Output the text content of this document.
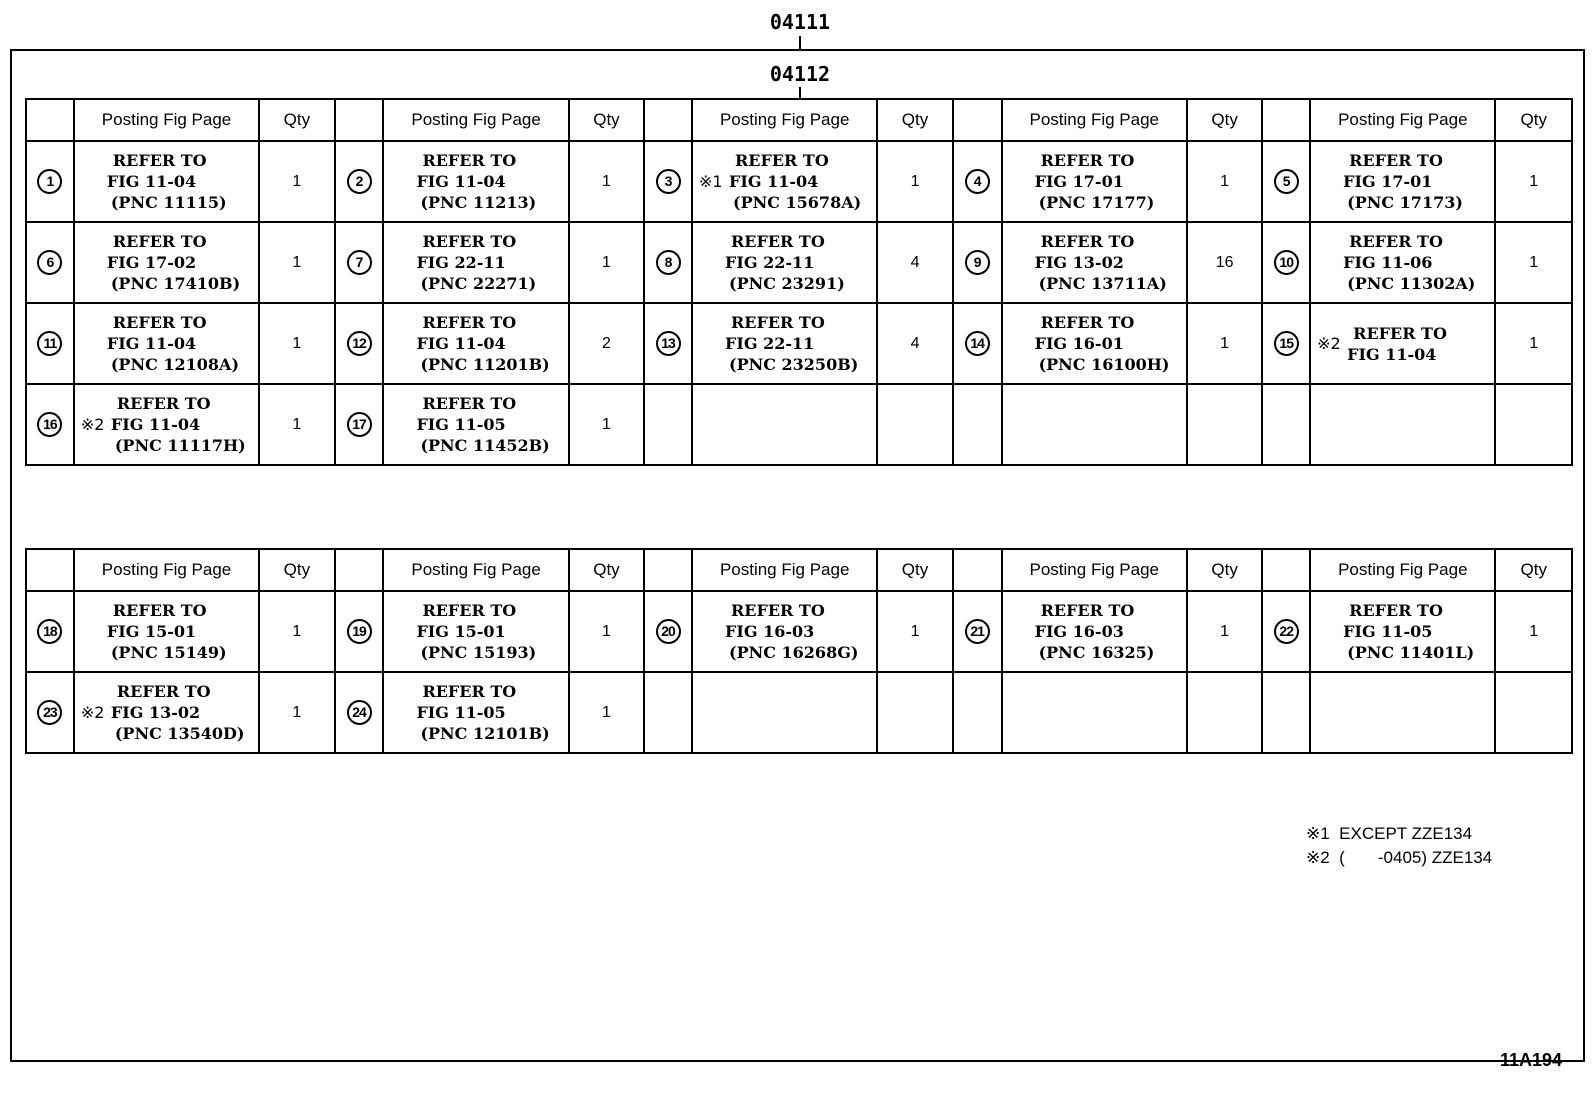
04111
04112
	Posting Fig Page	Qty		Posting Fig Page	Qty		Posting Fig Page	Qty		Posting Fig Page	Qty		Posting Fig Page	Qty
1	REFER TO
FIG 11-04
(PNC 11115)	1	2	REFER TO
FIG 11-04
(PNC 11213)	1	3	※1
REFER TO
FIG 11-04
(PNC 15678A)	1	4	REFER TO
FIG 17-01
(PNC 17177)	1	5	REFER TO
FIG 17-01
(PNC 17173)	1
6	REFER TO
FIG 17-02
(PNC 17410B)	1	7	REFER TO
FIG 22-11
(PNC 22271)	1	8	REFER TO
FIG 22-11
(PNC 23291)	4	9	REFER TO
FIG 13-02
(PNC 13711A)	16	10	REFER TO
FIG 11-06
(PNC 11302A)	1
11	REFER TO
FIG 11-04
(PNC 12108A)	1	12	REFER TO
FIG 11-04
(PNC 11201B)	2	13	REFER TO
FIG 22-11
(PNC 23250B)	4	14	REFER TO
FIG 16-01
(PNC 16100H)	1	15	※2
REFER TO
FIG 11-04	1
16	※2
REFER TO
FIG 11-04
(PNC 11117H)	1	17	REFER TO
FIG 11-05
(PNC 11452B)	1									
	Posting Fig Page	Qty		Posting Fig Page	Qty		Posting Fig Page	Qty		Posting Fig Page	Qty		Posting Fig Page	Qty
18	REFER TO
FIG 15-01
(PNC 15149)	1	19	REFER TO
FIG 15-01
(PNC 15193)	1	20	REFER TO
FIG 16-03
(PNC 16268G)	1	21	REFER TO
FIG 16-03
(PNC 16325)	1	22	REFER TO
FIG 11-05
(PNC 11401L)	1
23	※2
REFER TO
FIG 13-02
(PNC 13540D)	1	24	REFER TO
FIG 11-05
(PNC 12101B)	1									
※1 EXCEPT ZZE134
※2 (       -0405) ZZE134
11A194
